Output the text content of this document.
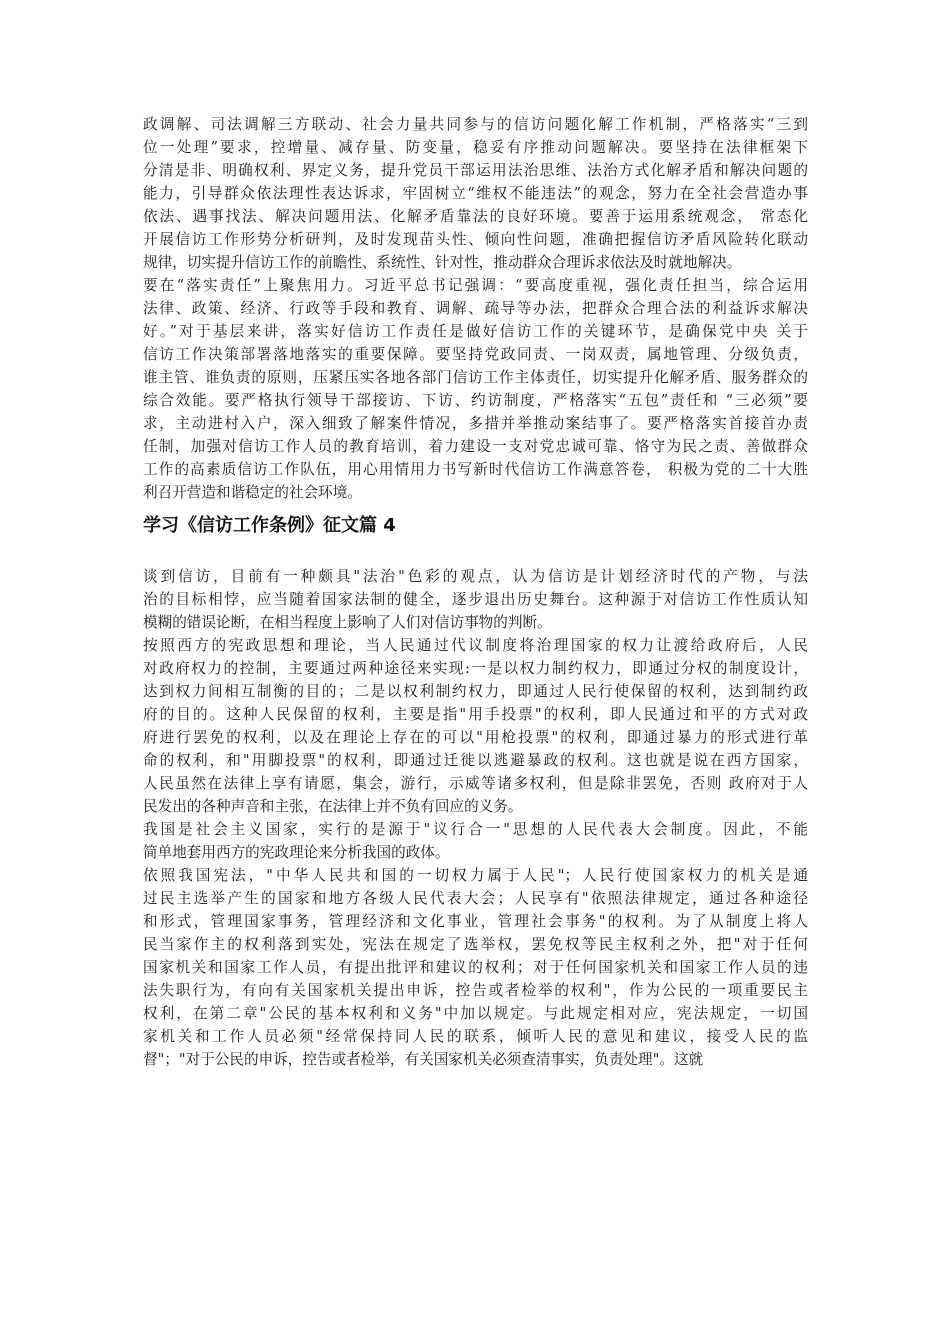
政调解、司法调解三方联动、社会力量共同参与的信访问题化解工作机制，严格落实“三到
位一处理”要求，控增量、减存量、防变量，稳妥有序推动问题解决。要坚持在法律框架下
分清是非、明确权利、界定义务，提升党员干部运用法治思维、法治方式化解矛盾和解决问题的
能力，引导群众依法理性表达诉求，牢固树立“维权不能违法”的观念，努力在全社会营造办事
依法、遇事找法、解决问题用法、化解矛盾靠法的良好环境。要善于运用系统观念， 常态化
开展信访工作形势分析研判，及时发现苗头性、倾向性问题，准确把握信访矛盾风险转化联动
规律，切实提升信访工作的前瞻性、系统性、针对性，推动群众合理诉求依法及时就地解决。
要在“落实责任”上聚焦用力。习近平总书记强调：“要高度重视，强化责任担当，综合运用
法律、政策、经济、行政等手段和教育、调解、疏导等办法，把群众合理合法的利益诉求解决
好。”对于基层来讲，落实好信访工作责任是做好信访工作的关键环节，是确保党中央 关于
信访工作决策部署落地落实的重要保障。要坚持党政同责、一岗双责，属地管理、分级负责，
谁主管、谁负责的原则，压紧压实各地各部门信访工作主体责任，切实提升化解矛盾、服务群众的
综合效能。要严格执行领导干部接访、下访、约访制度，严格落实“五包”责任和 “三必须”要
求，主动进村入户，深入细致了解案件情况，多措并举推动案结事了。要严格落实首接首办责
任制，加强对信访工作人员的教育培训，着力建设一支对党忠诚可靠、恪守为民之责、善做群众
工作的高素质信访工作队伍，用心用情用力书写新时代信访工作满意答卷， 积极为党的二十大胜
利召开营造和谐稳定的社会环境。
学习《信访工作条例》征文篇 4
谈到信访，目前有一种颇具"法治"色彩的观点，认为信访是计划经济时代的产物，与法
治的目标相悖，应当随着国家法制的健全，逐步退出历史舞台。这种源于对信访工作性质认知
模糊的错误论断，在相当程度上影响了人们对信访事物的判断。
按照西方的宪政思想和理论，当人民通过代议制度将治理国家的权力让渡给政府后，人民
对政府权力的控制，主要通过两种途径来实现:一是以权力制约权力，即通过分权的制度设计，
达到权力间相互制衡的目的；二是以权利制约权力，即通过人民行使保留的权利，达到制约政
府的目的。这种人民保留的权利，主要是指"用手投票"的权利，即人民通过和平的方式对政
府进行罢免的权利，以及在理论上存在的可以"用枪投票"的权利，即通过暴力的形式进行革
命的权利，和"用脚投票"的权利，即通过迁徙以逃避暴政的权利。这也就是说在西方国家，
人民虽然在法律上享有请愿，集会，游行，示威等诸多权利，但是除非罢免，否则 政府对于人
民发出的各种声音和主张，在法律上并不负有回应的义务。
我国是社会主义国家，实行的是源于"议行合一"思想的人民代表大会制度。因此，不能
简单地套用西方的宪政理论来分析我国的政体。
依照我国宪法，"中华人民共和国的一切权力属于人民"；人民行使国家权力的机关是通
过民主选举产生的国家和地方各级人民代表大会；人民享有"依照法律规定，通过各种途径
和形式，管理国家事务，管理经济和文化事业，管理社会事务"的权利。为了从制度上将人
民当家作主的权利落到实处，宪法在规定了选举权，罢免权等民主权利之外，把"对于任何
国家机关和国家工作人员，有提出批评和建议的权利；对于任何国家机关和国家工作人员的违
法失职行为，有向有关国家机关提出申诉，控告或者检举的权利"，作为公民的一项重要民主
权利，在第二章"公民的基本权利和义务"中加以规定。与此规定相对应，宪法规定，一切国
家机关和工作人员必须"经常保持同人民的联系，倾听人民的意见和建议，接受人民的监
督"；"对于公民的申诉，控告或者检举，有关国家机关必须查清事实，负责处理"。这就
